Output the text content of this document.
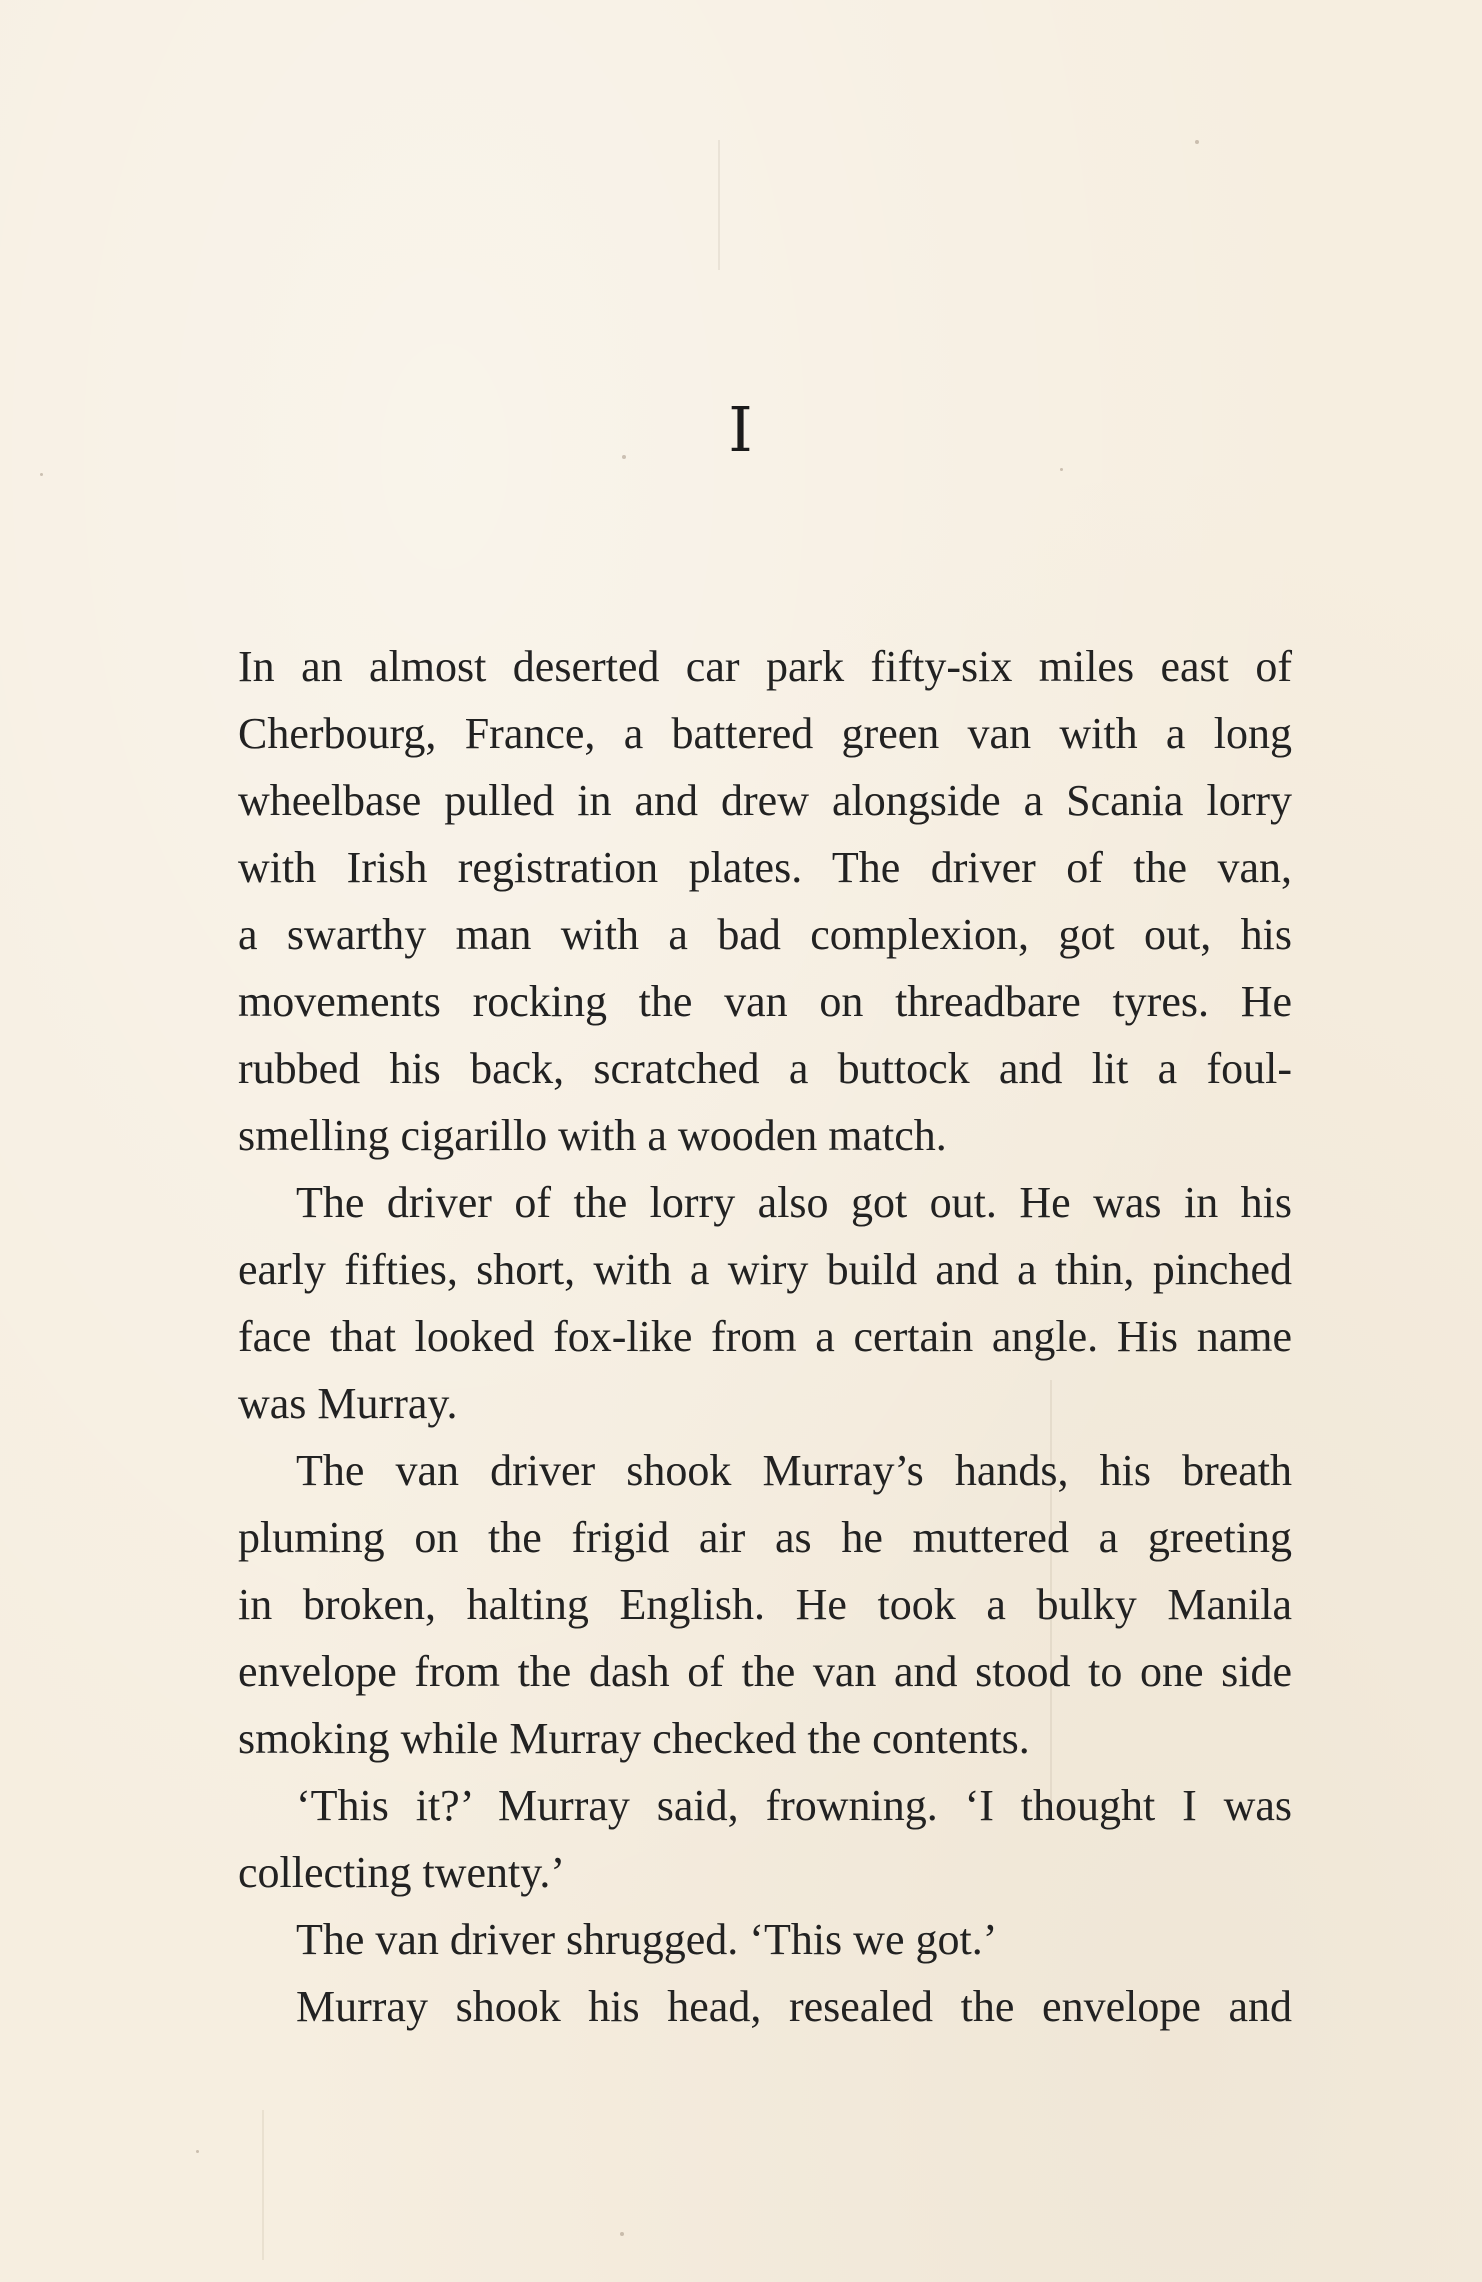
I
In an almost deserted car park fifty-six miles east of
Cherbourg, France, a battered green van with a long
wheelbase pulled in and drew alongside a Scania lorry
with Irish registration plates. The driver of the van,
a swarthy man with a bad complexion, got out, his
movements rocking the van on threadbare tyres. He
rubbed his back, scratched a buttock and lit a foul-
smelling cigarillo with a wooden match.
The driver of the lorry also got out. He was in his
early fifties, short, with a wiry build and a thin, pinched
face that looked fox-like from a certain angle. His name
was Murray.
The van driver shook Murray’s hands, his breath
pluming on the frigid air as he muttered a greeting
in broken, halting English. He took a bulky Manila
envelope from the dash of the van and stood to one side
smoking while Murray checked the contents.
‘This it?’ Murray said, frowning. ‘I thought I was
collecting twenty.’
The van driver shrugged. ‘This we got.’
Murray shook his head, resealed the envelope and
